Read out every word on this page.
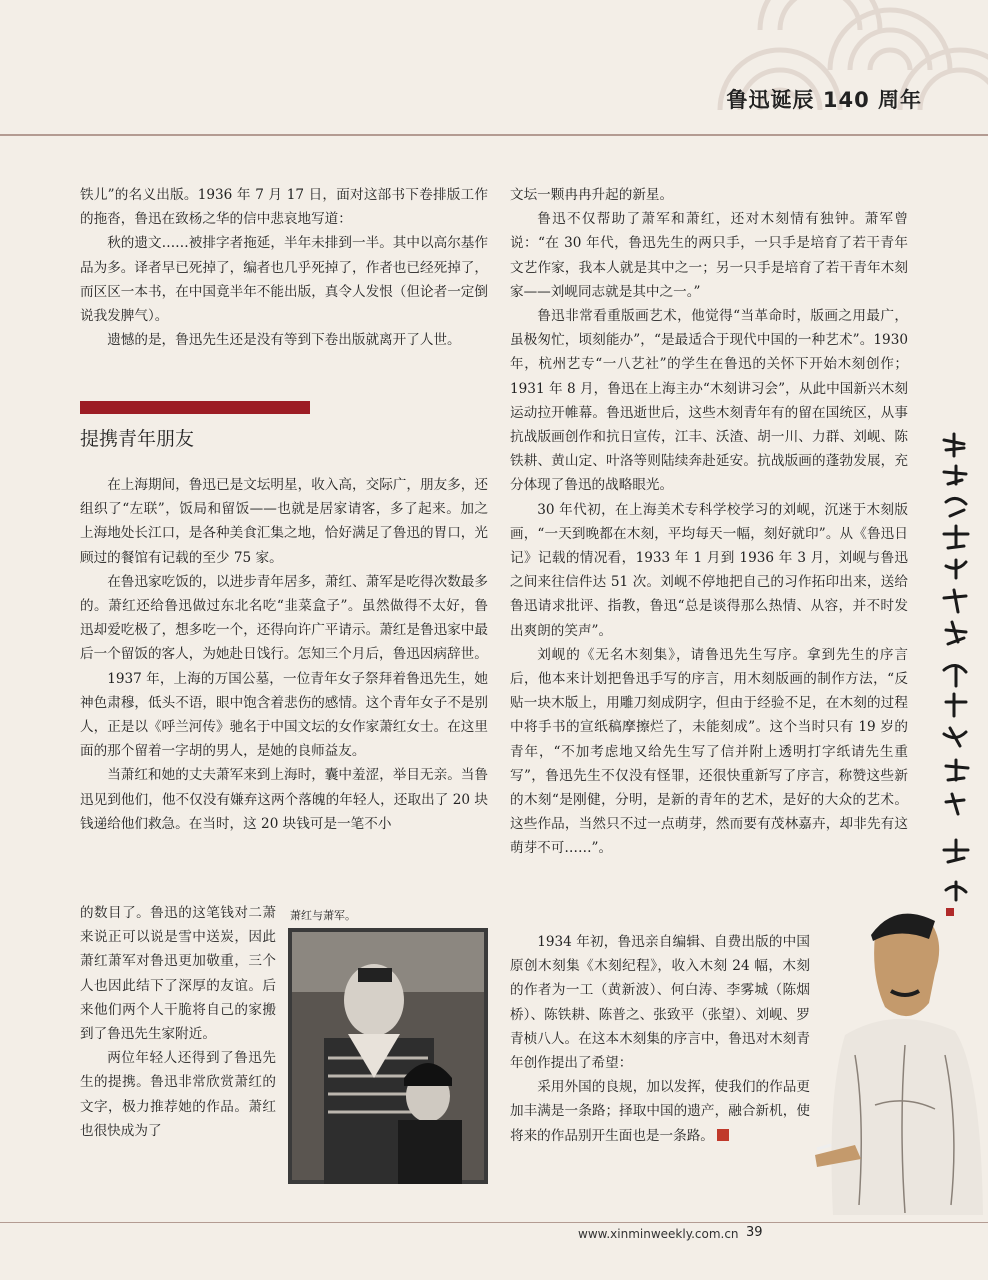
鲁迅诞辰 140 周年

铁儿”的名义出版。1936 年 7 月 17 日，面对这部书下卷排版工作的拖沓，鲁迅在致杨之华的信中悲哀地写道：

秋的遗文……被排字者拖延，半年未排到一半。其中以高尔基作品为多。译者早已死掉了，编者也几乎死掉了，作者也已经死掉了，而区区一本书，在中国竟半年不能出版，真令人发恨（但论者一定倒说我发脾气）。

遗憾的是，鲁迅先生还是没有等到下卷出版就离开了人世。

提携青年朋友

在上海期间，鲁迅已是文坛明星，收入高，交际广，朋友多，还组织了“左联”，饭局和留饭——也就是居家请客，多了起来。加之上海地处长江口，是各种美食汇集之地，恰好满足了鲁迅的胃口，光顾过的餐馆有记载的至少 75 家。

在鲁迅家吃饭的，以进步青年居多，萧红、萧军是吃得次数最多的。萧红还给鲁迅做过东北名吃“韭菜盒子”。虽然做得不太好，鲁迅却爱吃极了，想多吃一个，还得向许广平请示。萧红是鲁迅家中最后一个留饭的客人，为她赴日饯行。怎知三个月后，鲁迅因病辞世。

1937 年，上海的万国公墓，一位青年女子祭拜着鲁迅先生，她神色肃穆，低头不语，眼中饱含着悲伤的感情。这个青年女子不是别人，正是以《呼兰河传》驰名于中国文坛的女作家萧红女士。在这里面的那个留着一字胡的男人，是她的良师益友。

当萧红和她的丈夫萧军来到上海时，囊中羞涩，举目无亲。当鲁迅见到他们，他不仅没有嫌弃这两个落魄的年轻人，还取出了 20 块钱递给他们救急。在当时，这 20 块钱可是一笔不小

的数目了。鲁迅的这笔钱对二萧来说正可以说是雪中送炭，因此萧红萧军对鲁迅更加敬重，三个人也因此结下了深厚的友谊。后来他们两个人干脆将自己的家搬到了鲁迅先生家附近。

两位年轻人还得到了鲁迅先生的提携。鲁迅非常欣赏萧红的文字，极力推荐她的作品。萧红也很快成为了

萧红与萧军。

文坛一颗冉冉升起的新星。

鲁迅不仅帮助了萧军和萧红，还对木刻情有独钟。萧军曾说：“在 30 年代，鲁迅先生的两只手，一只手是培育了若干青年文艺作家，我本人就是其中之一；另一只手是培育了若干青年木刻家——刘岘同志就是其中之一。”

鲁迅非常看重版画艺术，他觉得“当革命时，版画之用最广，虽极匆忙，顷刻能办”，“是最适合于现代中国的一种艺术”。1930 年，杭州艺专“一八艺社”的学生在鲁迅的关怀下开始木刻创作；1931 年 8 月，鲁迅在上海主办“木刻讲习会”，从此中国新兴木刻运动拉开帷幕。鲁迅逝世后，这些木刻青年有的留在国统区，从事抗战版画创作和抗日宣传，江丰、沃渣、胡一川、力群、刘岘、陈铁耕、黄山定、叶洛等则陆续奔赴延安。抗战版画的蓬勃发展，充分体现了鲁迅的战略眼光。

30 年代初，在上海美术专科学校学习的刘岘，沉迷于木刻版画，“一天到晚都在木刻，平均每天一幅，刻好就印”。从《鲁迅日记》记载的情况看，1933 年 1 月到 1936 年 3 月，刘岘与鲁迅之间来往信件达 51 次。刘岘不停地把自己的习作拓印出来，送给鲁迅请求批评、指教，鲁迅“总是谈得那么热情、从容，并不时发出爽朗的笑声”。

刘岘的《无名木刻集》，请鲁迅先生写序。拿到先生的序言后，他本来计划把鲁迅手写的序言，用木刻版画的制作方法，“反贴一块木版上，用雕刀刻成阴字，但由于经验不足，在木刻的过程中将手书的宣纸稿摩擦烂了，未能刻成”。这个当时只有 19 岁的青年，“不加考虑地又给先生写了信并附上透明打字纸请先生重写”，鲁迅先生不仅没有怪罪，还很快重新写了序言，称赞这些新的木刻“是刚健，分明，是新的青年的艺术，是好的大众的艺术。这些作品，当然只不过一点萌芽，然而要有茂林嘉卉，却非先有这萌芽不可……”。

1934 年初，鲁迅亲自编辑、自费出版的中国原创木刻集《木刻纪程》，收入木刻 24 幅，木刻的作者为一工（黄新波）、何白涛、李雾城（陈烟桥）、陈铁耕、陈普之、张致平（张望）、刘岘、罗青桢八人。在这本木刻集的序言中，鲁迅对木刻青年创作提出了希望：

采用外国的良规，加以发挥，使我们的作品更加丰满是一条路；择取中国的遗产，融合新机，使将来的作品别开生面也是一条路。

www.xinminweekly.com.cn 39
